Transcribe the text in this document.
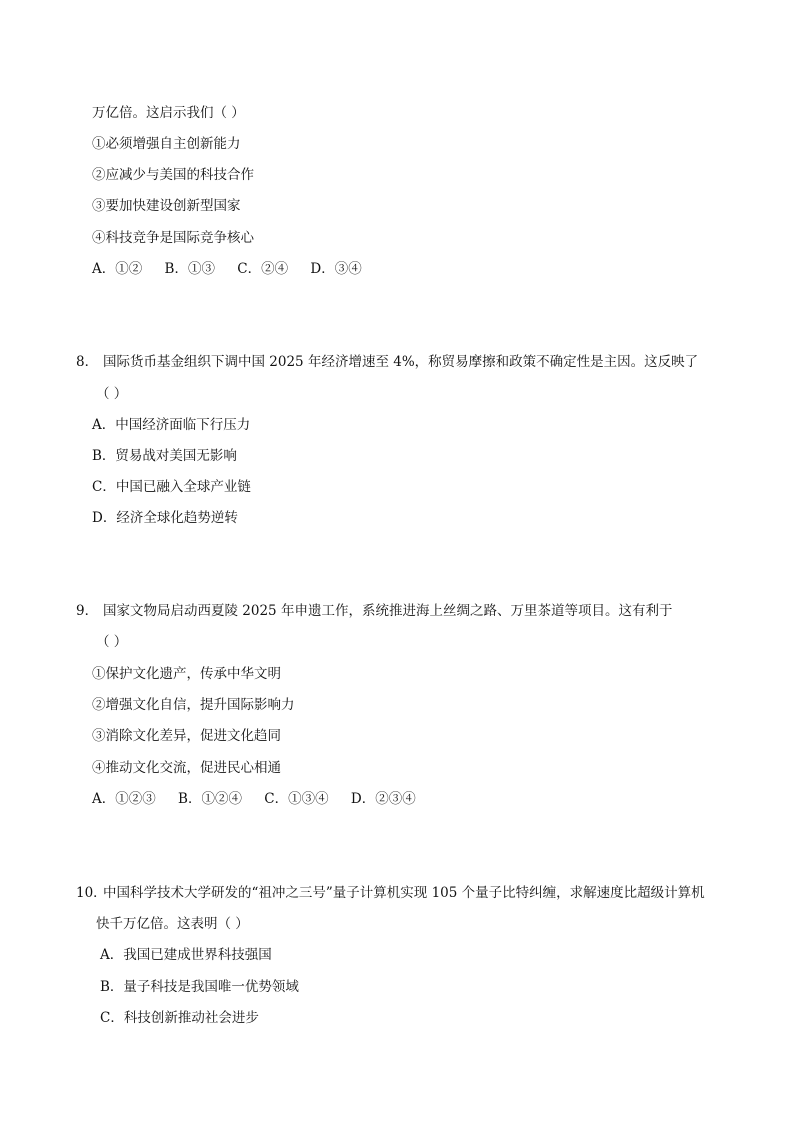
万亿倍。这启示我们（ ）
①必须增强自主创新能力
②应减少与美国的科技合作
③要加快建设创新型国家
④科技竞争是国际竞争核心
A．①② B．①③ C．②④ D．③④
8． 国际货币基金组织下调中国 2025 年经济增速至 4%，称贸易摩擦和政策不确定性是主因。这反映了
（ ）
A．中国经济面临下行压力
B．贸易战对美国无影响
C．中国已融入全球产业链
D．经济全球化趋势逆转
9． 国家文物局启动西夏陵 2025 年申遗工作，系统推进海上丝绸之路、万里茶道等项目。这有利于
（ ）
①保护文化遗产，传承中华文明
②增强文化自信，提升国际影响力
③消除文化差异，促进文化趋同
④推动文化交流，促进民心相通
A．①②③ B．①②④ C．①③④ D．②③④
10．
中国科学技术大学研发的“祖冲之三号”量子计算机实现 105 个量子比特纠缠，求解速度比超级计算机
快千万亿倍。这表明（ ）
A．我国已建成世界科技强国
B．量子科技是我国唯一优势领域
C．科技创新推动社会进步
